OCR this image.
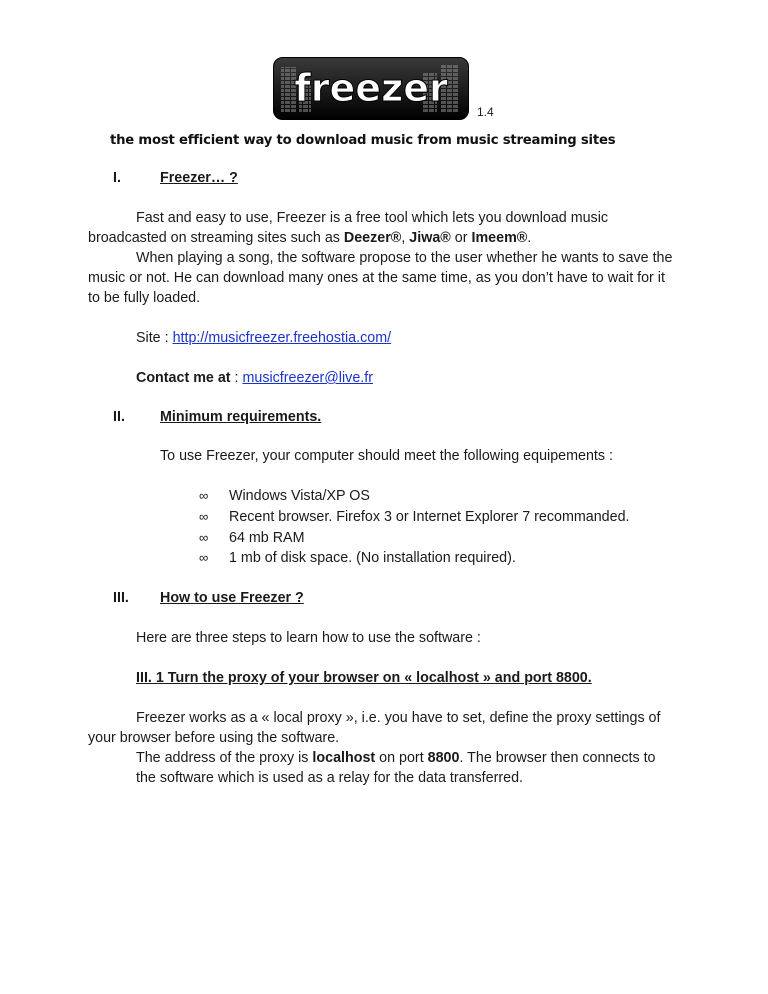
freezer
1.4
the most efficient way to download music from music streaming sites
I.	Freezer… ?
Fast and easy to use, Freezer is a free tool which lets you download music
broadcasted on streaming sites such as Deezer®, Jiwa® or Imeem®.
When playing a song, the software propose to the user whether he wants to save the
music or not. He can download many ones at the same time, as you don’t have to wait for it
to be fully loaded.
Site : http://musicfreezer.freehostia.com/
Contact me at : musicfreezer@live.fr
II. Minimum requirements.
To use Freezer, your computer should meet the following equipements :
∞ Windows Vista/XP OS
∞ Recent browser. Firefox 3 or Internet Explorer 7 recommanded.
∞ 64 mb RAM
∞ 1 mb of disk space. (No installation required).
III. How to use Freezer ?
Here are three steps to learn how to use the software :
III. 1 Turn the proxy of your browser on « localhost » and port 8800.
Freezer works as a « local proxy », i.e. you have to set, define the proxy settings of
your browser before using the software.
The address of the proxy is localhost on port 8800. The browser then connects to
the software which is used as a relay for the data transferred.
